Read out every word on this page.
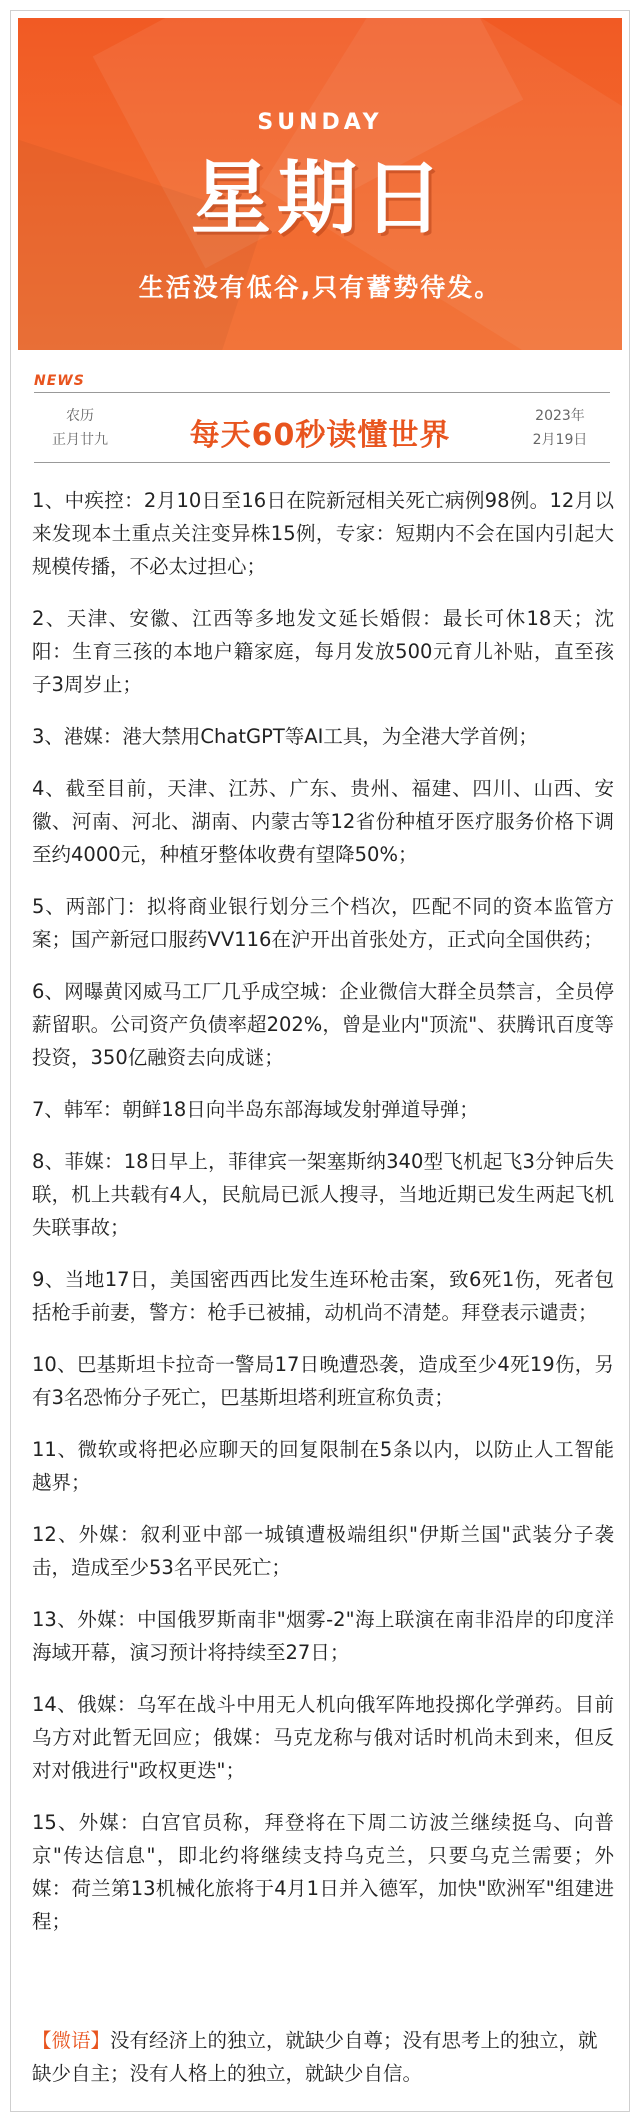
SUNDAY
星期日
生活没有低谷,只有蓄势待发。
NEWS
农历
正月廿九	每天60秒读懂世界
2023年
2月19日

1、中疾控：2月10日至16日在院新冠相关死亡病例98例。12月以来发现本土重点关注变异株15例，专家：短期内不会在国内引起大规模传播，不必太过担心；

2、天津、安徽、江西等多地发文延长婚假：最长可休18天；沈阳：生育三孩的本地户籍家庭，每月发放500元育儿补贴，直至孩子3周岁止；

3、港媒：港大禁用ChatGPT等AI工具，为全港大学首例；

4、截至目前，天津、江苏、广东、贵州、福建、四川、山西、安徽、河南、河北、湖南、内蒙古等12省份种植牙医疗服务价格下调至约4000元，种植牙整体收费有望降50%；

5、两部门：拟将商业银行划分三个档次，匹配不同的资本监管方案；国产新冠口服药VV116在沪开出首张处方，正式向全国供药；

6、网曝黄冈威马工厂几乎成空城：企业微信大群全员禁言，全员停薪留职。公司资产负债率超202%，曾是业内"顶流"、获腾讯百度等投资，350亿融资去向成谜；

7、韩军：朝鲜18日向半岛东部海域发射弹道导弹；

8、菲媒：18日早上，菲律宾一架塞斯纳340型飞机起飞3分钟后失联，机上共载有4人，民航局已派人搜寻，当地近期已发生两起飞机失联事故；

9、当地17日，美国密西西比发生连环枪击案，致6死1伤，死者包括枪手前妻，警方：枪手已被捕，动机尚不清楚。拜登表示谴责；

10、巴基斯坦卡拉奇一警局17日晚遭恐袭，造成至少4死19伤，另有3名恐怖分子死亡，巴基斯坦塔利班宣称负责；

11、微软或将把必应聊天的回复限制在5条以内，以防止人工智能越界；

12、外媒：叙利亚中部一城镇遭极端组织"伊斯兰国"武装分子袭击，造成至少53名平民死亡；

13、外媒：中国俄罗斯南非"烟雾-2"海上联演在南非沿岸的印度洋海域开幕，演习预计将持续至27日；

14、俄媒：乌军在战斗中用无人机向俄军阵地投掷化学弹药。目前乌方对此暂无回应；俄媒：马克龙称与俄对话时机尚未到来，但反对对俄进行"政权更迭"；

15、外媒：白宫官员称，拜登将在下周二访波兰继续挺乌、向普京"传达信息"，即北约将继续支持乌克兰，只要乌克兰需要；外媒：荷兰第13机械化旅将于4月1日并入德军，加快"欧洲军"组建进程；

【微语】没有经济上的独立，就缺少自尊；没有思考上的独立，就缺少自主；没有人格上的独立，就缺少自信。
